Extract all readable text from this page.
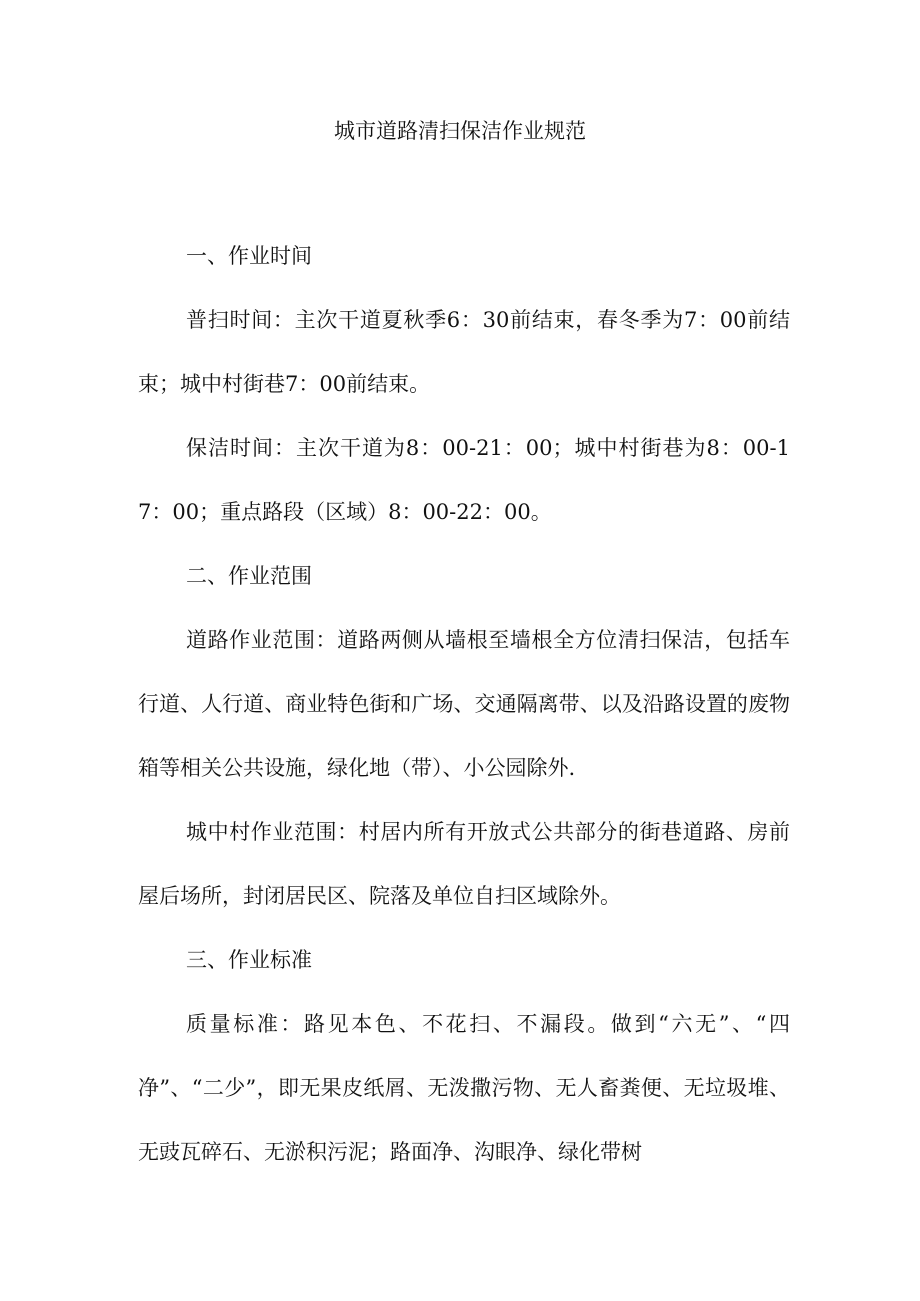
城市道路清扫保洁作业规范

一、作业时间

普扫时间：主次干道夏秋季6：30前结束，春冬季为7：00前结束；城中村街巷7：00前结束。

保洁时间：主次干道为8：00-21：00；城中村街巷为8：00-17：00；重点路段（区域）8：00-22：00。

二、作业范围

道路作业范围：道路两侧从墙根至墙根全方位清扫保洁，包括车行道、人行道、商业特色街和广场、交通隔离带、以及沿路设置的废物箱等相关公共设施，绿化地（带）、小公园除外.

城中村作业范围：村居内所有开放式公共部分的街巷道路、房前屋后场所，封闭居民区、院落及单位自扫区域除外。

三、作业标准

质量标准：路见本色、不花扫、不漏段。做到“六无”、“四净”、“二少”，即无果皮纸屑、无泼撒污物、无人畜粪便、无垃圾堆、无豉瓦碎石、无淤积污泥；路面净、沟眼净、绿化带树
